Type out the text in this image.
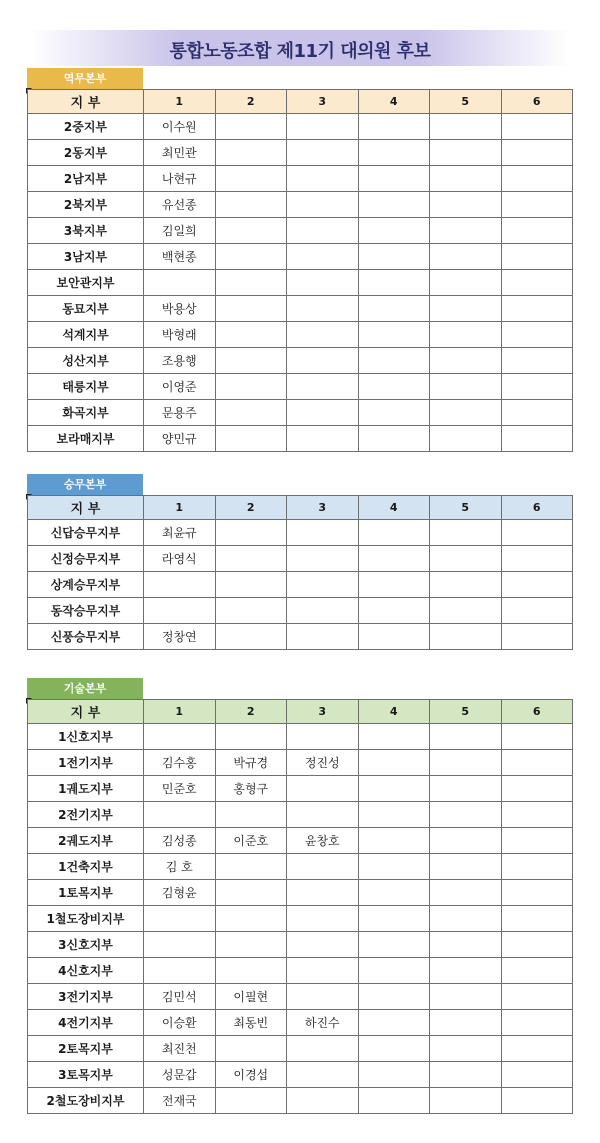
통합노동조합 제11기 대의원 후보
역무본부
지 부	1	2	3	4	5	6
2중지부	이수원					
2동지부	최민관					
2남지부	나현규					
2북지부	유선종					
3북지부	김일희					
3남지부	백현종					
보안관지부						
동묘지부	박용상					
석계지부	박형래					
성산지부	조용행					
태릉지부	이영준					
화곡지부	문용주					
보라매지부	양민규					
승무본부
지 부	1	2	3	4	5	6
신답승무지부	최윤규					
신정승무지부	라영식					
상계승무지부						
동작승무지부						
신풍승무지부	정창연					
기술본부
지 부	1	2	3	4	5	6
1신호지부						
1전기지부	김수홍	박규경	정진성			
1궤도지부	민준호	홍형구				
2전기지부						
2궤도지부	김성종	이준호	윤창호			
1건축지부	김 호					
1토목지부	김형윤					
1철도장비지부						
3신호지부						
4신호지부						
3전기지부	김민석	이필현				
4전기지부	이승환	최동빈	하진수			
2토목지부	최진천					
3토목지부	성문갑	이경섭				
2철도장비지부	전재국					
